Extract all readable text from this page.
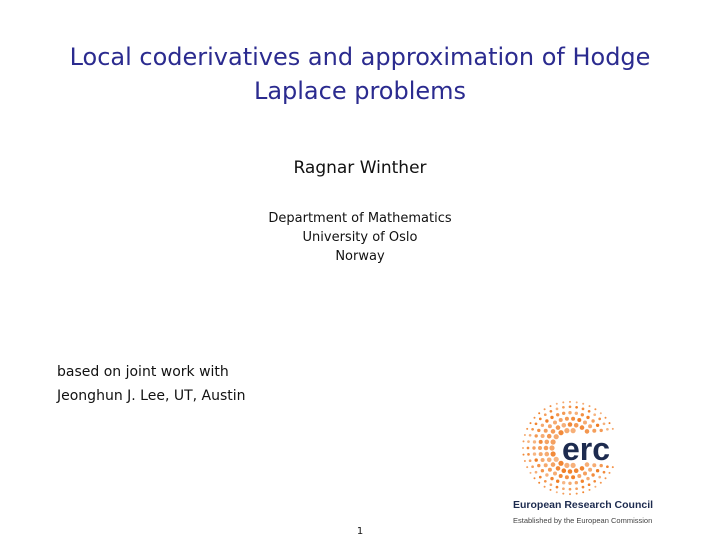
Local coderivatives and approximation of Hodge
Laplace problems
Ragnar Winther
Department of Mathematics
University of Oslo
Norway
based on joint work with
Jeonghun J. Lee, UT, Austin
erc
European Research Council
Established by the European Commission
1
